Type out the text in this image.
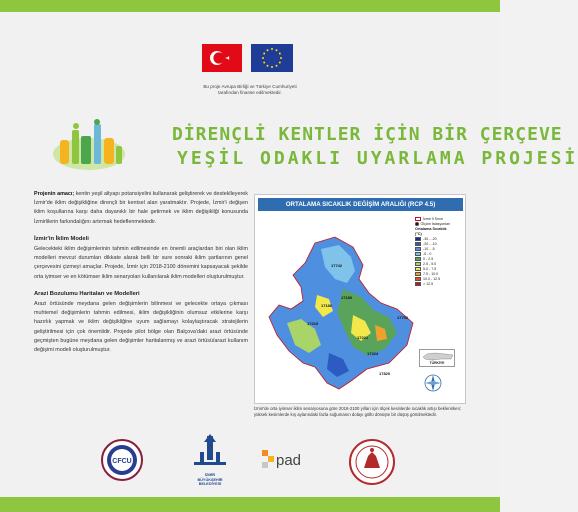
Bu proje Avrupa Birliği ve Türkiye Cumhuriyeti
tarafından finanse edilmektedir.
DİRENÇLİ KENTLER İÇİN BİR ÇERÇEVE
YEŞİL ODAKLI UYARLAMA PROJESİ

Projenin amacı; kentin yeşil altyapı potansiyelini kullanarak geliştirerek ve desteklleyerek İzmir'de iklim değişikliğine dirençli bir kentsel alan yaratmaktır. Projede, İzmir'i değişen iklim koşullarına karşı daha dayanıklı bir hale getirmek ve iklim değişikliği konusunda İzmirlilerin farkındalığını artırmak hedeflenmektedir.

İzmir'in İklim Modeli

Gelecekteki iklim değişimlerinin tahmin edilmesinde en önemli araçlardan biri olan iklim modelleri mevcut durumları dikkate alarak belli bir sure sonraki iklim şartlarının genel çerçevesini çizmeyi amaçlar. Projede, İzmir için 2018-2100 dönemini kapsayacak şekilde orta iyimser ve en kötümser iklim senaryoları kullanılarak iklim modelleri oluşturulmuştur.

Arazi Bozulumu Haritaları ve Modelleri

Arazi örtüsünde meydana gelen değişimlerin bilinmesi ve gelecekte ortaya çıkması muhtemel değişimlerin tahmin edilmesi, iklim değişikliğinin olumsuz etkilerine karşı hazırlık yapmak ve iklim değişikliğine uyum sağlamayı kolaylaştıracak stratejilerin geliştirilmesi için çok önemlidir. Projede pilot bölge olan Balçova'daki arazi örtüsünde geçmişten bugüne meydana gelen değişimler haritalanmış ve arazi örtüsü/arazi kullanım değişimi modeli oluşturulmuştur.

ORTALAMA SICAKLIK DEĞİŞİM ARALIĞI (RCP 4.5)
17742
17180
17186
17792
17219
17221
17224
17820
İzmir İl Sınırı
Ölçüm İstasyonları
Ortalama Sıcaklık
(°C)
-30 - -20
-20 - -10
-10 - -5
-5 - 0
0 - 2.5
2.5 - 5.0
5.0 - 7.5
7.5 - 10.0
10.0 - 12.5
> 12.5
TÜRKİYE
İzmir'de orta iyimser iklim senaryosuna göre 2018-2100 yılları için ölçek kesinlerde sıcaklık artışı beklenirken; yüksek kesimlerde kış aylarındaki fazla soğumanın dolayı göllü dönüşte bir düşüş görülmektedir.
CFCU
İZMİR
BÜYÜKŞEHİR
BELEDİYESİ
pad
